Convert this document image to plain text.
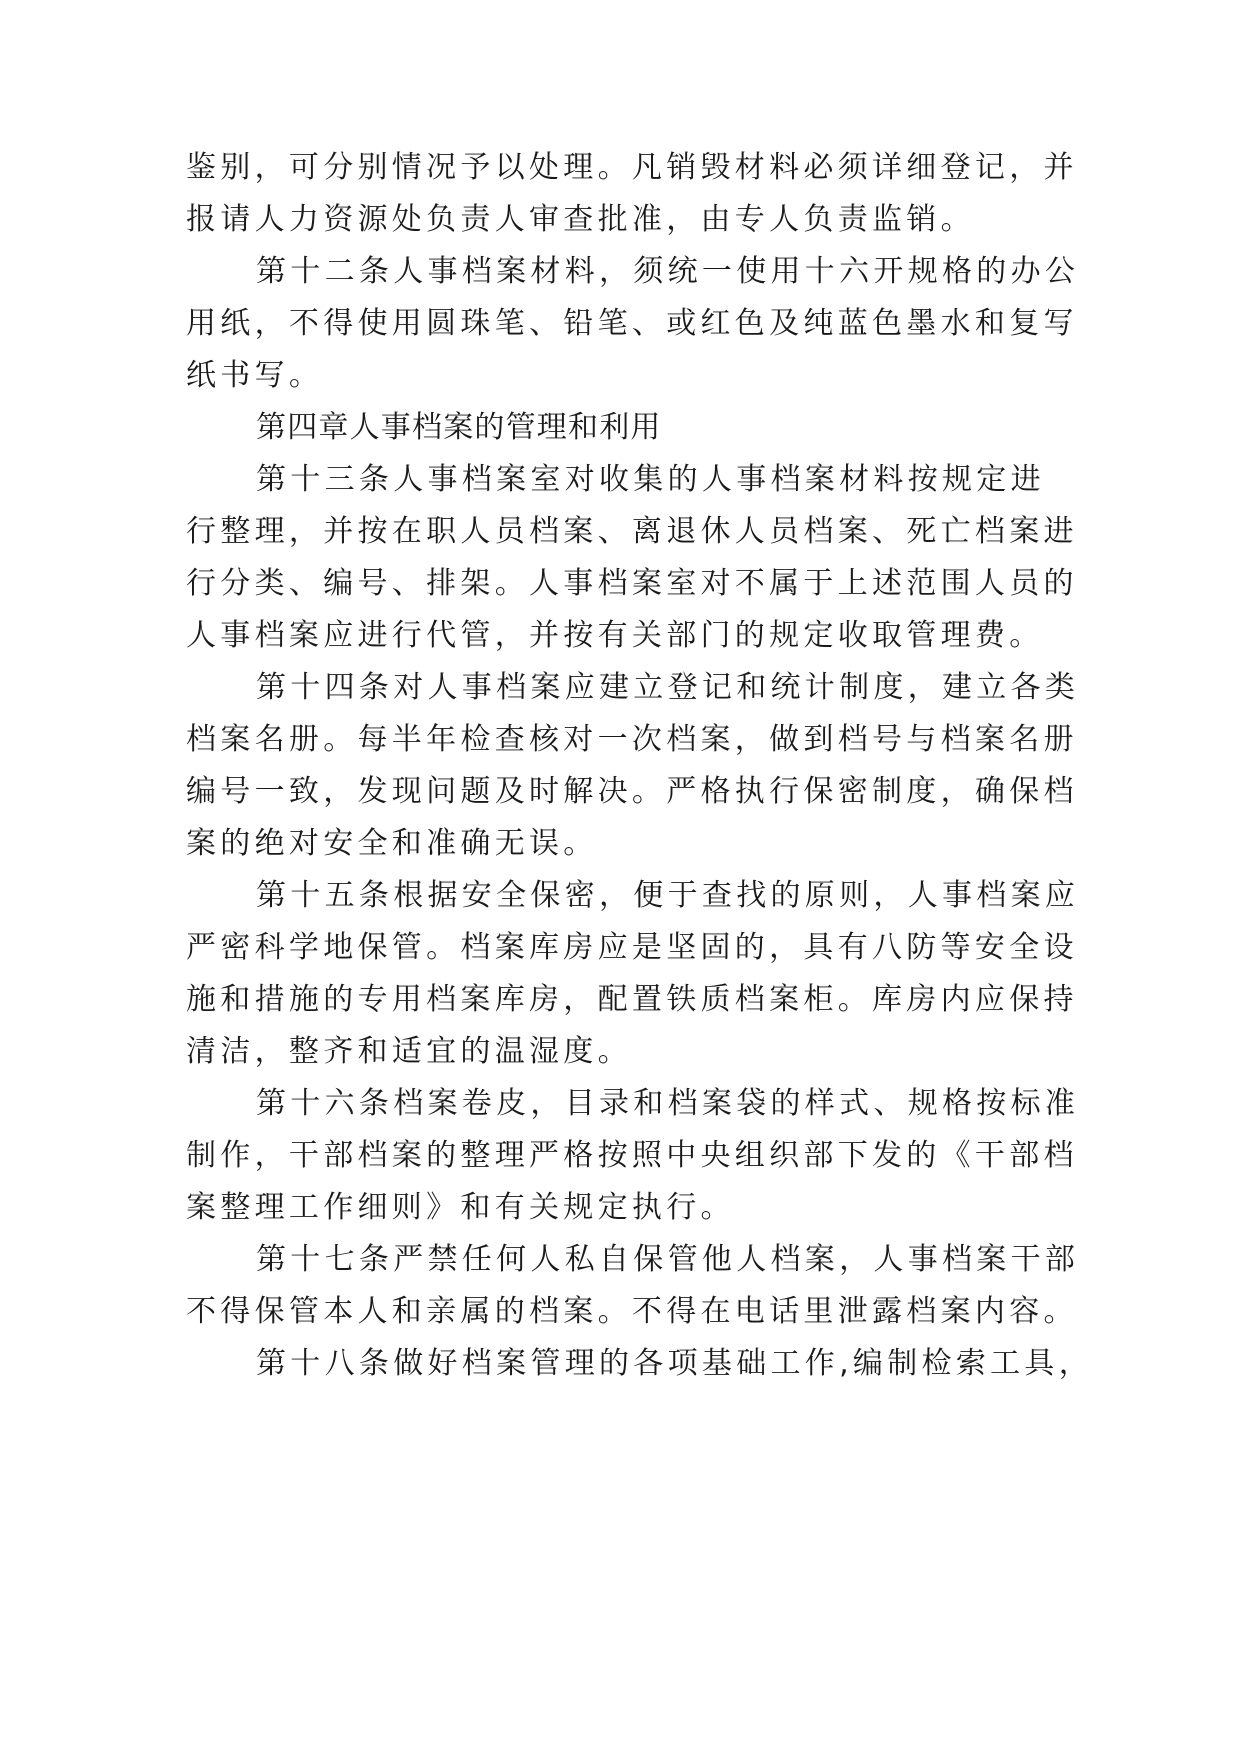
鉴别，可分别情况予以处理。凡销毁材料必须详细登记，并
报请人力资源处负责人审查批准，由专人负责监销。
第十二条人事档案材料，须统一使用十六开规格的办公
用纸，不得使用圆珠笔、铅笔、或红色及纯蓝色墨水和复写
纸书写。
第四章人事档案的管理和利用
第十三条人事档案室对收集的人事档案材料按规定进
行整理，并按在职人员档案、离退休人员档案、死亡档案进
行分类、编号、排架。人事档案室对不属于上述范围人员的
人事档案应进行代管，并按有关部门的规定收取管理费。
第十四条对人事档案应建立登记和统计制度，建立各类
档案名册。每半年检查核对一次档案，做到档号与档案名册
编号一致，发现问题及时解决。严格执行保密制度，确保档
案的绝对安全和准确无误。
第十五条根据安全保密，便于查找的原则，人事档案应
严密科学地保管。档案库房应是坚固的，具有八防等安全设
施和措施的专用档案库房，配置铁质档案柜。库房内应保持
清洁，整齐和适宜的温湿度。
第十六条档案卷皮，目录和档案袋的样式、规格按标准
制作，干部档案的整理严格按照中央组织部下发的《干部档
案整理工作细则》和有关规定执行。
第十七条严禁任何人私自保管他人档案，人事档案干部
不得保管本人和亲属的档案。不得在电话里泄露档案内容。
第十八条做好档案管理的各项基础工作,编制检索工具，
